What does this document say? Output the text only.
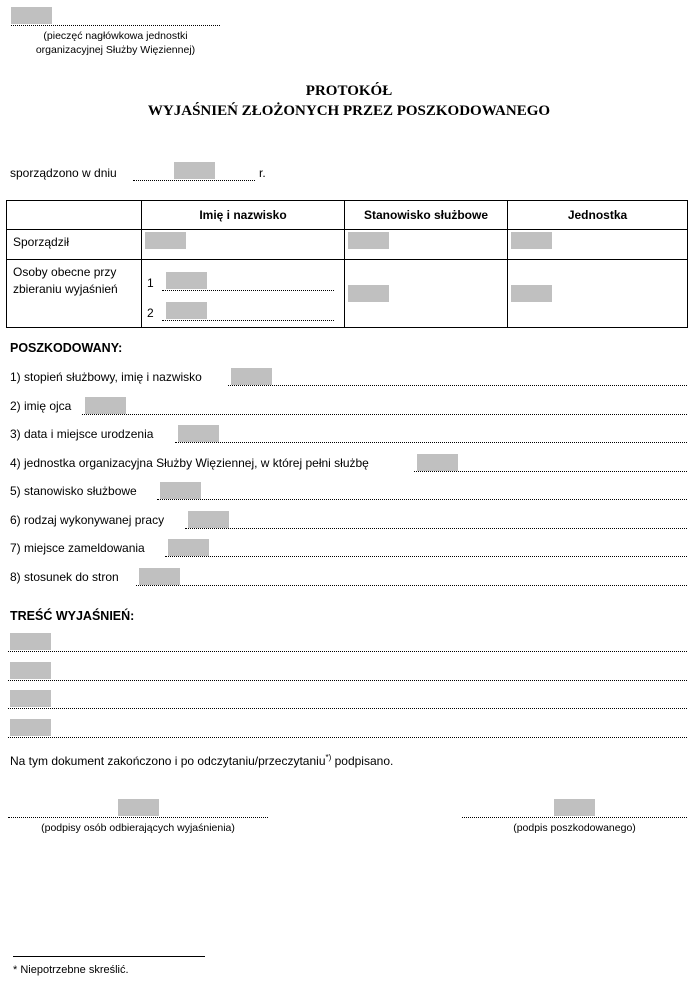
(pieczęć nagłówkowa jednostki
organizacyjnej Służby Więziennej)
PROTOKÓŁ
WYJAŚNIEŃ ZŁOŻONYCH PRZEZ POSZKODOWANEGO
sporządzono w dniu	r.
	Imię i nazwisko	Stanowisko służbowe	Jednostka

Sporządził			

Osoby obecne przy zbieraniu wyjaśnień	1
2		

POSZKODOWANY:
1) stopień służbowy, imię i nazwisko
2) imię ojca
3) data i miejsce urodzenia
4) jednostka organizacyjna Służby Więziennej, w której pełni służbę
5) stanowisko służbowe
6) rodzaj wykonywanej pracy
7) miejsce zameldowania
8) stosunek do stron
TREŚĆ WYJAŚNIEŃ:
Na tym dokument zakończono i po odczytaniu/przeczytaniu*) podpisano.
(podpisy osób odbierających wyjaśnienia)	(podpis poszkodowanego)
* Niepotrzebne skreślić.
